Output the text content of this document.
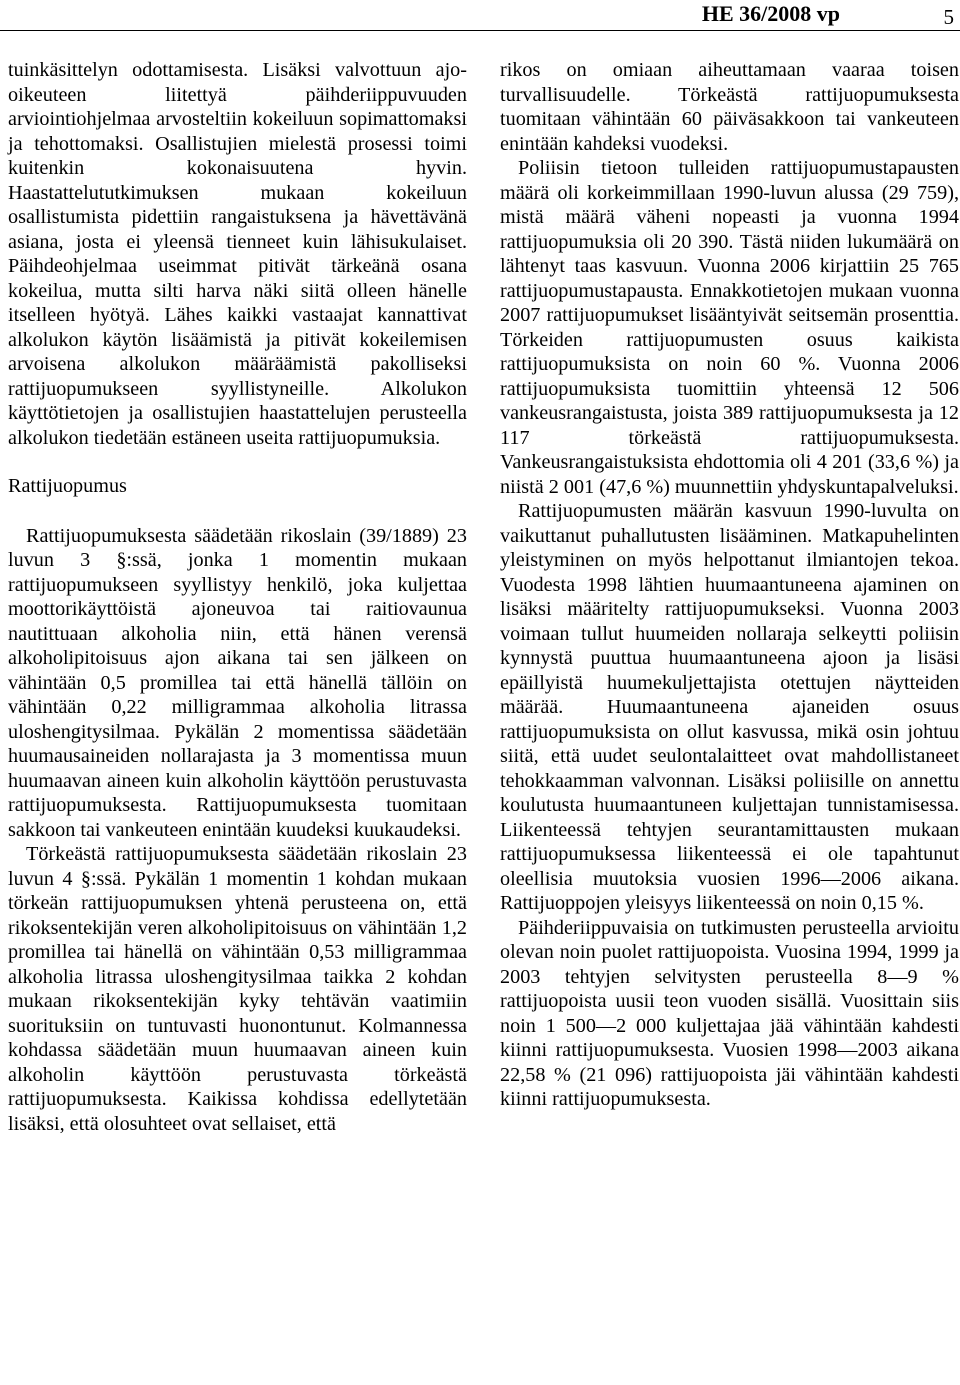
HE 36/2008 vp	5

tuinkäsittelyn odottamisesta. Lisäksi valvottuun ajo-oikeuteen liitettyä päihderiippuvuuden arviointiohjelmaa arvosteltiin kokeiluun sopimattomaksi ja tehottomaksi. Osallistujien mielestä prosessi toimi kuitenkin kokonaisuutena hyvin. Haastattelututkimuksen mukaan kokeiluun osallistumista pidettiin rangaistuksena ja hävettävänä asiana, josta ei yleensä tienneet kuin lähisukulaiset. Päihdeohjelmaa useimmat pitivät tärkeänä osana kokeilua, mutta silti harva näki siitä olleen hänelle itselleen hyötyä. Lähes kaikki vastaajat kannattivat alkolukon käytön lisäämistä ja pitivät kokeilemisen arvoisena alkolukon määräämistä pakolliseksi rattijuopumukseen syyllistyneille. Alkolukon käyttötietojen ja osallistujien haastattelujen perusteella alkolukon tiedetään estäneen useita rattijuopumuksia.

Rattijuopumus

Rattijuopumuksesta säädetään rikoslain (39/1889) 23 luvun 3 §:ssä, jonka 1 momentin mukaan rattijuopumukseen syyllistyy henkilö, joka kuljettaa moottorikäyttöistä ajoneuvoa tai raitiovaunua nautittuaan alkoholia niin, että hänen verensä alkoholipitoisuus ajon aikana tai sen jälkeen on vähintään 0,5 promillea tai että hänellä tällöin on vähintään 0,22 milligrammaa alkoholia litrassa uloshengitysilmaa. Pykälän 2 momentissa säädetään huumausaineiden nollarajasta ja 3 momentissa muun huumaavan aineen kuin alkoholin käyttöön perustuvasta rattijuopumuksesta. Rattijuopumuksesta tuomitaan sakkoon tai vankeuteen enintään kuudeksi kuukaudeksi.

Törkeästä rattijuopumuksesta säädetään rikoslain 23 luvun 4 §:ssä. Pykälän 1 momentin 1 kohdan mukaan törkeän rattijuopumuksen yhtenä perusteena on, että rikoksentekijän veren alkoholipitoisuus on vähintään 1,2 promillea tai hänellä on vähintään 0,53 milligrammaa alkoholia litrassa uloshengitysilmaa taikka 2 kohdan mukaan rikoksentekijän kyky tehtävän vaatimiin suorituksiin on tuntuvasti huonontunut. Kolmannessa kohdassa säädetään muun huumaavan aineen kuin alkoholin käyttöön perustuvasta törkeästä rattijuopumuksesta. Kaikissa kohdissa edellytetään lisäksi, että olosuhteet ovat sellaiset, että

rikos on omiaan aiheuttamaan vaaraa toisen turvallisuudelle. Törkeästä rattijuopumuksesta tuomitaan vähintään 60 päiväsakkoon tai vankeuteen enintään kahdeksi vuodeksi.

Poliisin tietoon tulleiden rattijuopumustapausten määrä oli korkeimmillaan 1990-luvun alussa (29 759), mistä määrä väheni nopeasti ja vuonna 1994 rattijuopumuksia oli 20 390. Tästä niiden lukumäärä on lähtenyt taas kasvuun. Vuonna 2006 kirjattiin 25 765 rattijuopumustapausta. Ennakkotietojen mukaan vuonna 2007 rattijuopumukset lisääntyivät seitsemän prosenttia. Törkeiden rattijuopumusten osuus kaikista rattijuopumuksista on noin 60 %. Vuonna 2006 rattijuopumuksista tuomittiin yhteensä 12 506 vankeusrangaistusta, joista 389 rattijuopumuksesta ja 12 117 törkeästä rattijuopumuksesta. Vankeusrangaistuksista ehdottomia oli 4 201 (33,6 %) ja niistä 2 001 (47,6 %) muunnettiin yhdyskuntapalveluksi.

Rattijuopumusten määrän kasvuun 1990-luvulta on vaikuttanut puhallutusten lisääminen. Matkapuhelinten yleistyminen on myös helpottanut ilmiantojen tekoa. Vuodesta 1998 lähtien huumaantuneena ajaminen on lisäksi määritelty rattijuopumukseksi. Vuonna 2003 voimaan tullut huumeiden nollaraja selkeytti poliisin kynnystä puuttua huumaantuneena ajoon ja lisäsi epäillyistä huumekuljettajista otettujen näytteiden määrää. Huumaantuneena ajaneiden osuus rattijuopumuksista on ollut kasvussa, mikä osin johtuu siitä, että uudet seulontalaitteet ovat mahdollistaneet tehokkaamman valvonnan. Lisäksi poliisille on annettu koulutusta huumaantuneen kuljettajan tunnistamisessa. Liikenteessä tehtyjen seurantamittausten mukaan rattijuopumuksessa liikenteessä ei ole tapahtunut oleellisia muutoksia vuosien 1996—2006 aikana. Rattijuoppojen yleisyys liikenteessä on noin 0,15 %.

Päihderiippuvaisia on tutkimusten perusteella arvioitu olevan noin puolet rattijuopoista. Vuosina 1994, 1999 ja 2003 tehtyjen selvitysten perusteella 8—9 % rattijuopoista uusii teon vuoden sisällä. Vuosittain siis noin 1 500—2 000 kuljettajaa jää vähintään kahdesti kiinni rattijuopumuksesta. Vuosien 1998—2003 aikana 22,58 % (21 096) rattijuopoista jäi vähintään kahdesti kiinni rattijuopumuksesta.
